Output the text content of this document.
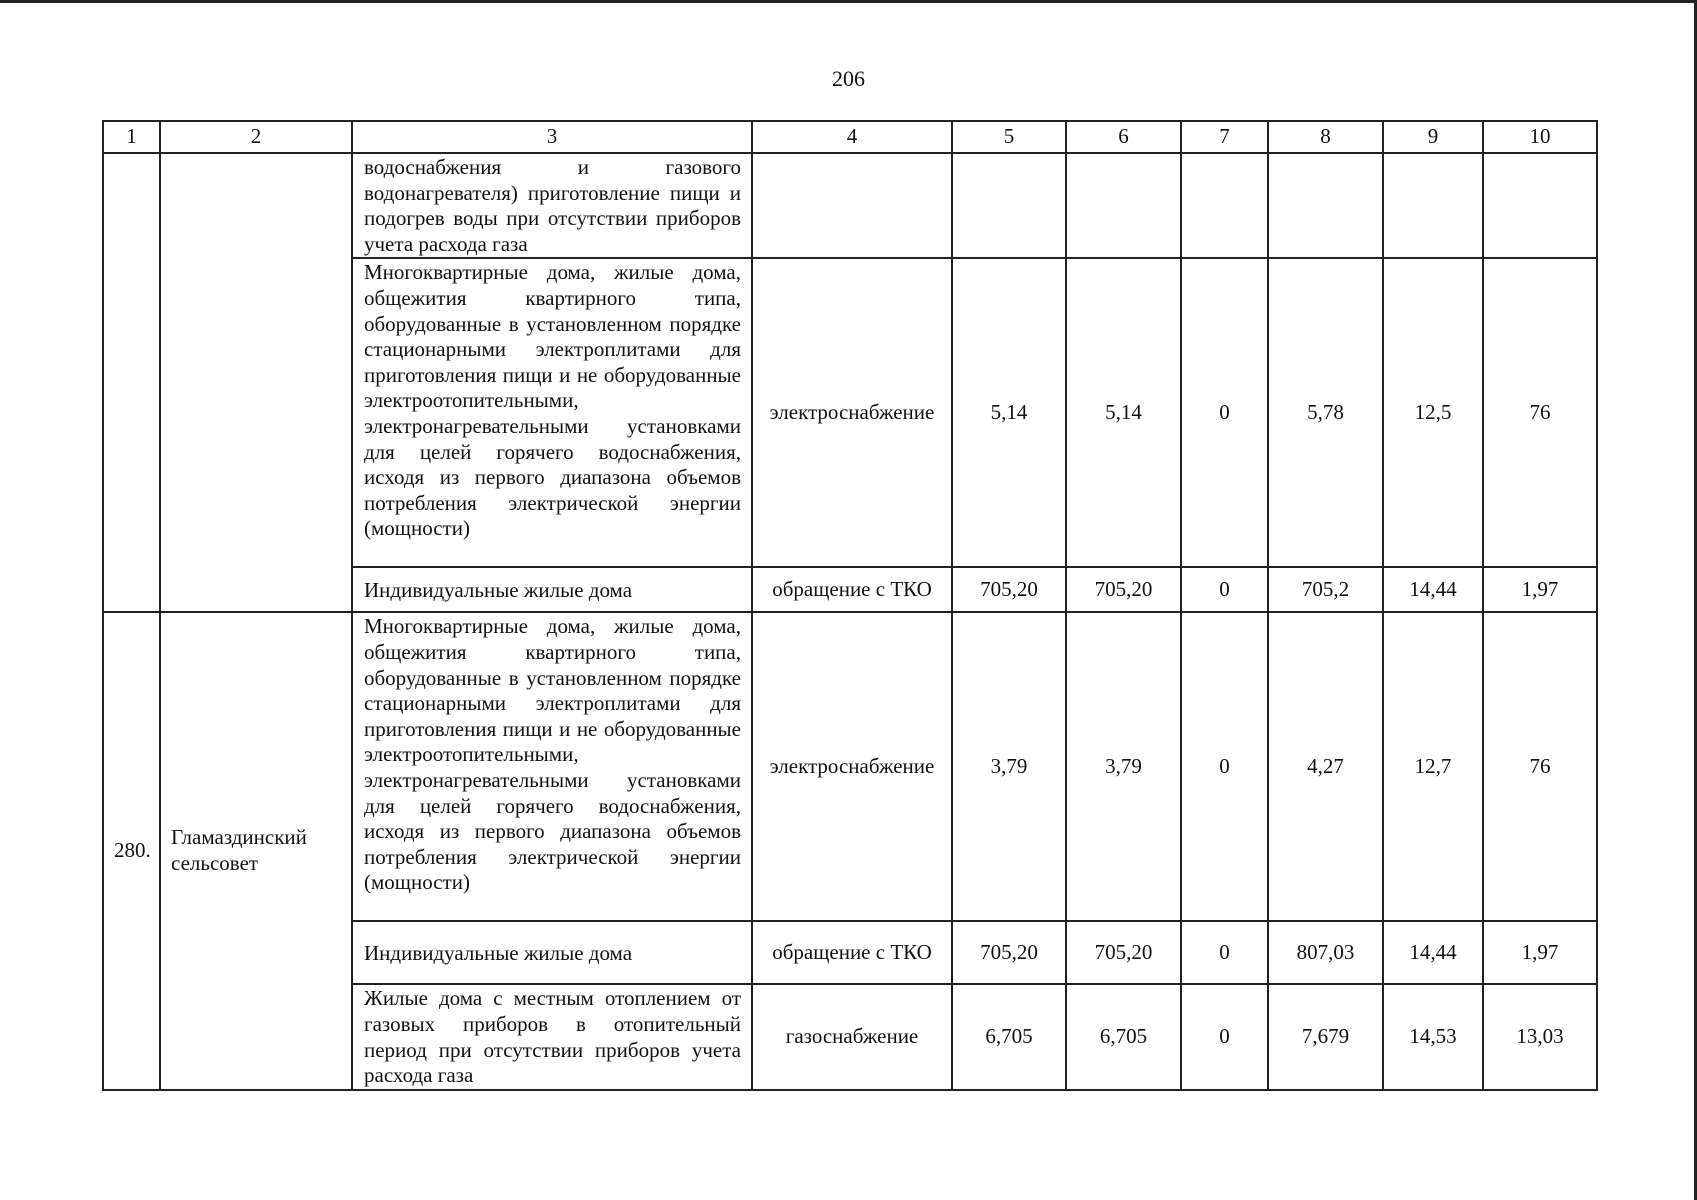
206
1	2	3	4	5	6	7	8	9	10
		водоснабжения и газового водонагревателя) приготовление пищи и подогрев воды при отсутствии приборов учета расхода газа							
		Многоквартирные дома, жилые дома, общежития квартирного типа, оборудованные в установленном порядке стационарными электроплитами для приготовления пищи и не оборудованные электроотопительными, электронагревательными установками для целей горячего водоснабжения, исходя из первого диапазона объемов потребления электрической энергии (мощности)	электроснабжение	5,14	5,14	0	5,78	12,5	76
		Индивидуальные жилые дома	обращение с ТКО	705,20	705,20	0	705,2	14,44	1,97
280.	Гламаздинский сельсовет	Многоквартирные дома, жилые дома, общежития квартирного типа, оборудованные в установленном порядке стационарными электроплитами для приготовления пищи и не оборудованные электроотопительными, электронагревательными установками для целей горячего водоснабжения, исходя из первого диапазона объемов потребления электрической энергии (мощности)	электроснабжение	3,79	3,79	0	4,27	12,7	76
		Индивидуальные жилые дома	обращение с ТКО	705,20	705,20	0	807,03	14,44	1,97
		Жилые дома с местным отоплением от газовых приборов в отопительный период при отсутствии приборов учета расхода газа	газоснабжение	6,705	6,705	0	7,679	14,53	13,03
